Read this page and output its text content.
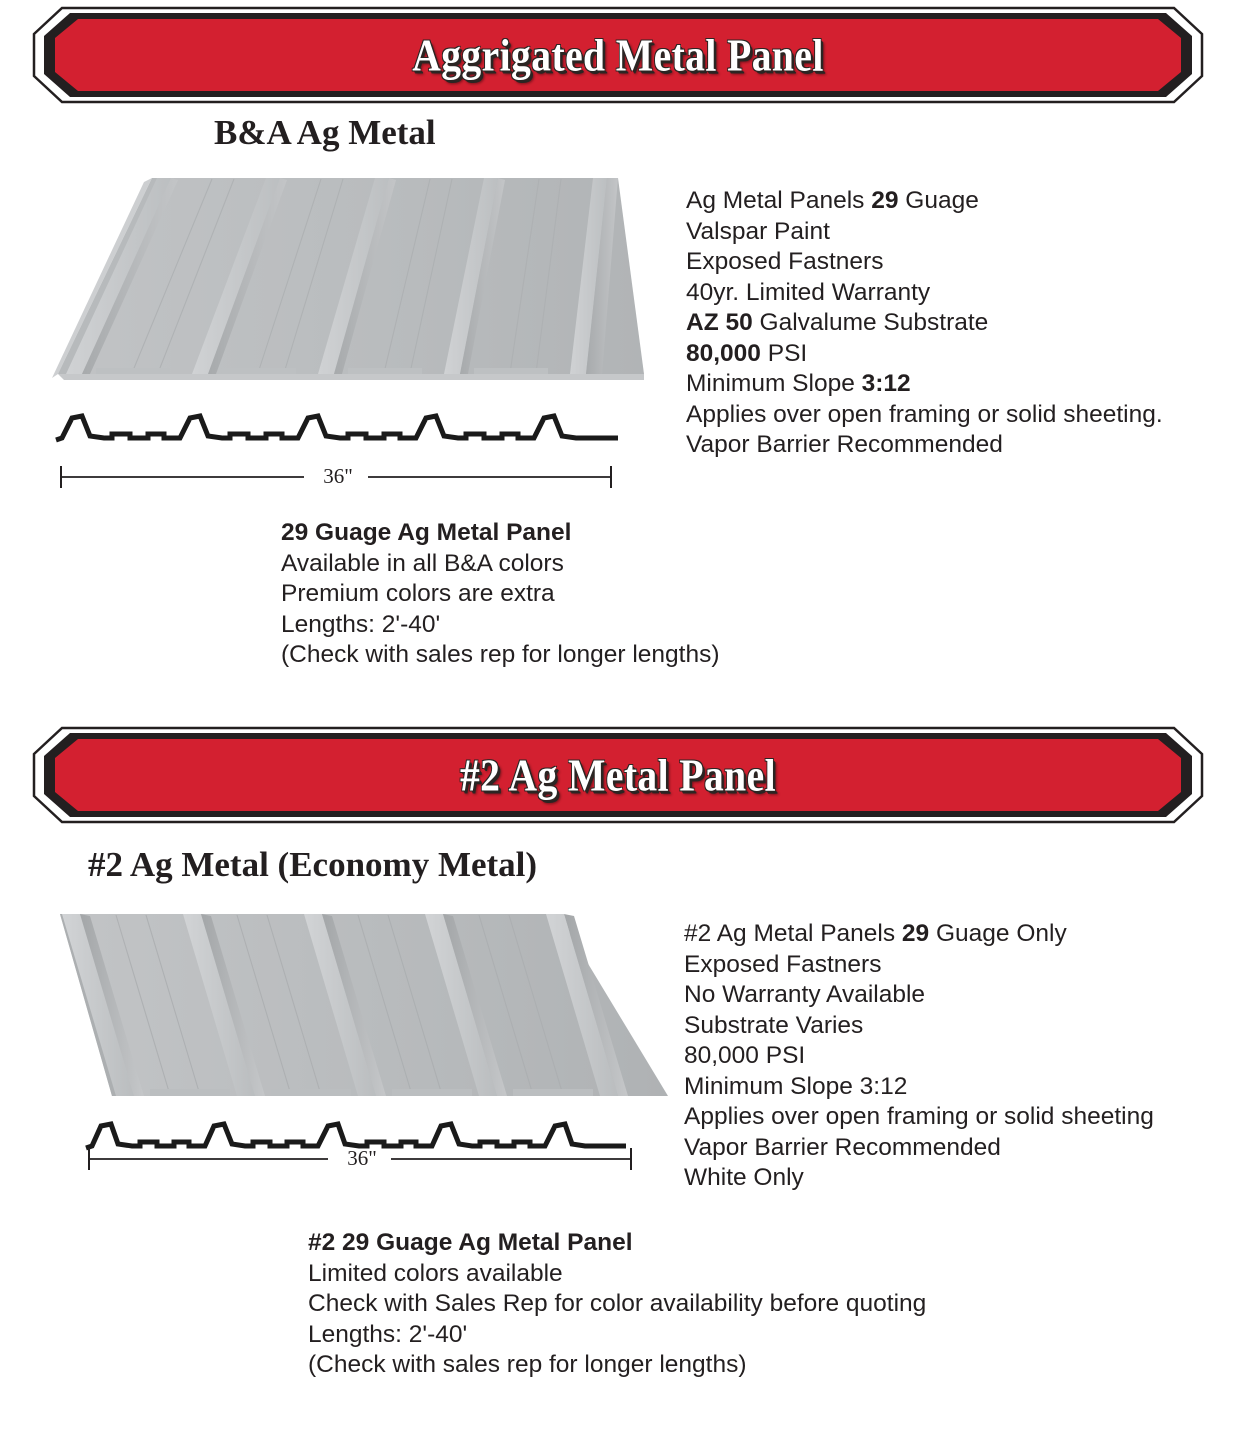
Aggrigated Metal Panel
B&A Ag Metal
36"
Ag Metal Panels 29 Guage
Valspar Paint
Exposed Fastners
40yr. Limited Warranty
AZ 50 Galvalume Substrate
80,000 PSI
Minimum Slope 3:12
Applies over open framing or solid sheeting.
Vapor Barrier Recommended
29 Guage Ag Metal Panel
Available in all B&A colors
Premium colors are extra
Lengths: 2'-40'
(Check with sales rep for longer lengths)
#2 Ag Metal Panel
#2 Ag Metal (Economy Metal)
36"
#2 Ag Metal Panels 29 Guage Only
Exposed Fastners
No Warranty Available
Substrate Varies
80,000 PSI
Minimum Slope 3:12
Applies over open framing or solid sheeting
Vapor Barrier Recommended
White Only
#2 29 Guage Ag Metal Panel
Limited colors available
Check with Sales Rep for color availability before quoting
Lengths: 2'-40'
(Check with sales rep for longer lengths)
